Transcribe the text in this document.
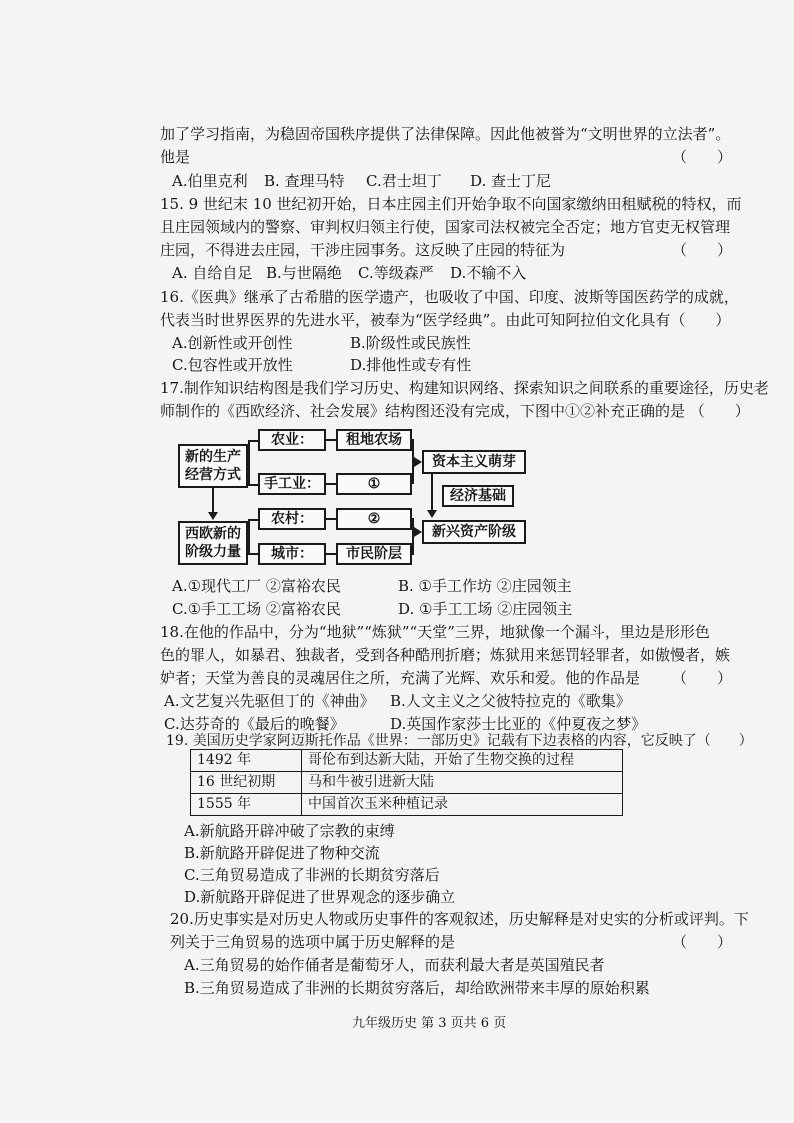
加了学习指南，为稳固帝国秩序提供了法律保障。因此他被誉为“文明世界的立法者”。
他是	（　　）
A.伯里克利 B. 查理马特 C.君士坦丁 D. 查士丁尼
15. 9 世纪末 10 世纪初开始，日本庄园主们开始争取不向国家缴纳田租赋税的特权，而
且庄园领域内的警察、审判权归领主行使，国家司法权被完全否定；地方官吏无权管理
庄园，不得进去庄园，干涉庄园事务。这反映了庄园的特征为	（　　）
A. 自给自足 B.与世隔绝 C.等级森严 D.不输不入
16.《医典》继承了古希腊的医学遗产，也吸收了中国、印度、波斯等国医药学的成就，
代表当时世界医界的先进水平，被奉为“医学经典”。由此可知阿拉伯文化具有（　　）
A.创新性或开创性	B.阶级性或民族性
C.包容性或开放性	D.排他性或专有性
17.制作知识结构图是我们学习历史、构建知识网络、探索知识之间联系的重要途径，历史老
师制作的《西欧经济、社会发展》结构图还没有完成，下图中①②补充正确的是 （　　）
新的生产经营方式
农业：	租地农场
手工业：	①
资本主义萌芽
经济基础
西欧新的阶级力量
农村：	②
城市：	市民阶层
新兴资产阶级
A.①现代工厂 ②富裕农民	B. ①手工作坊 ②庄园领主
C.①手工工场 ②富裕农民	D. ①手工工场 ②庄园领主
18.在他的作品中，分为“地狱”“炼狱”“天堂”三界，地狱像一个漏斗，里边是形形色
色的罪人，如暴君、独裁者，受到各种酷刑折磨；炼狱用来惩罚轻罪者，如傲慢者，嫉
妒者；天堂为善良的灵魂居住之所，充满了光辉、欢乐和爱。他的作品是 （　　）
A.文艺复兴先驱但丁的《神曲》 B.人文主义之父彼特拉克的《歌集》
C.达芬奇的《最后的晚餐》	D.英国作家莎士比亚的《仲夏夜之梦》
19. 美国历史学家阿迈斯托作品《世界：一部历史》记载有下边表格的内容，它反映了（　　）
1492 年	哥伦布到达新大陆，开始了生物交换的过程
16 世纪初期	马和牛被引进新大陆
1555 年	中国首次玉米种植记录
A.新航路开辟冲破了宗教的束缚
B.新航路开辟促进了物种交流
C.三角贸易造成了非洲的长期贫穷落后
D.新航路开辟促进了世界观念的逐步确立
20.历史事实是对历史人物或历史事件的客观叙述，历史解释是对史实的分析或评判。下
列关于三角贸易的选项中属于历史解释的是	（　　）
A.三角贸易的始作俑者是葡萄牙人，而获利最大者是英国殖民者
B.三角贸易造成了非洲的长期贫穷落后，却给欧洲带来丰厚的原始积累
九年级历史 第 3 页共 6 页
